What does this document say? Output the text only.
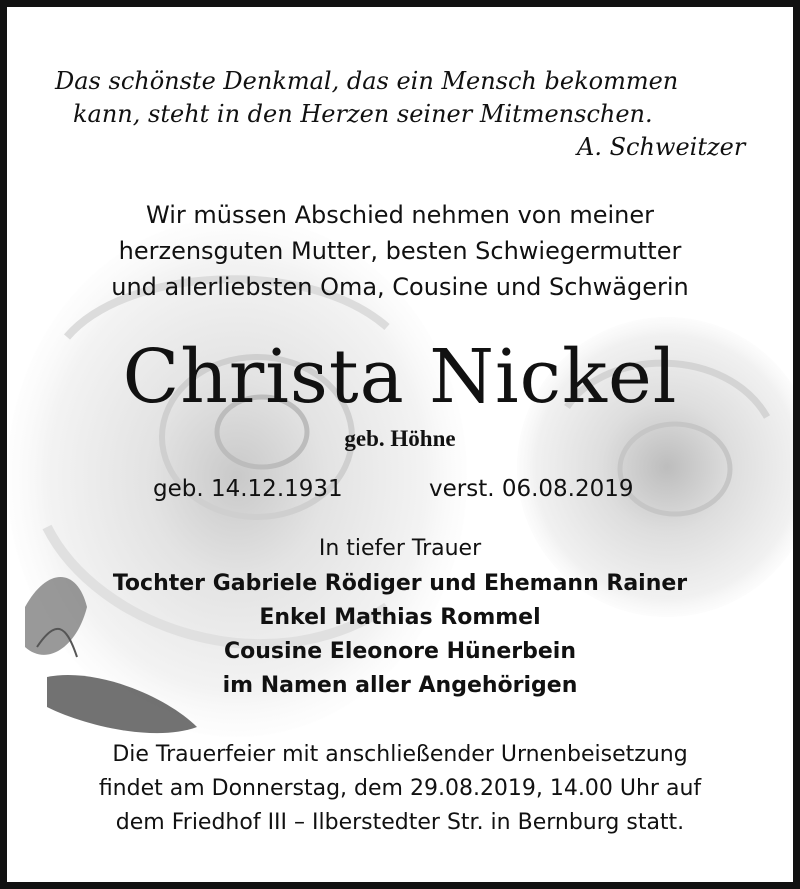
Das schönste Denkmal, das ein Mensch bekommen
kann, steht in den Herzen seiner Mitmenschen.
A. Schweitzer
Wir müssen Abschied nehmen von meiner
herzensguten Mutter, besten Schwiegermutter
und allerliebsten Oma, Cousine und Schwägerin
Christa Nickel
geb. Höhne
geb. 14.12.1931	verst. 06.08.2019
In tiefer Trauer
Tochter Gabriele Rödiger und Ehemann Rainer
Enkel Mathias Rommel
Cousine Eleonore Hünerbein
im Namen aller Angehörigen
Die Trauerfeier mit anschließender Urnenbeisetzung
findet am Donnerstag, dem 29.08.2019, 14.00 Uhr auf
dem Friedhof III – Ilberstedter Str. in Bernburg statt.
